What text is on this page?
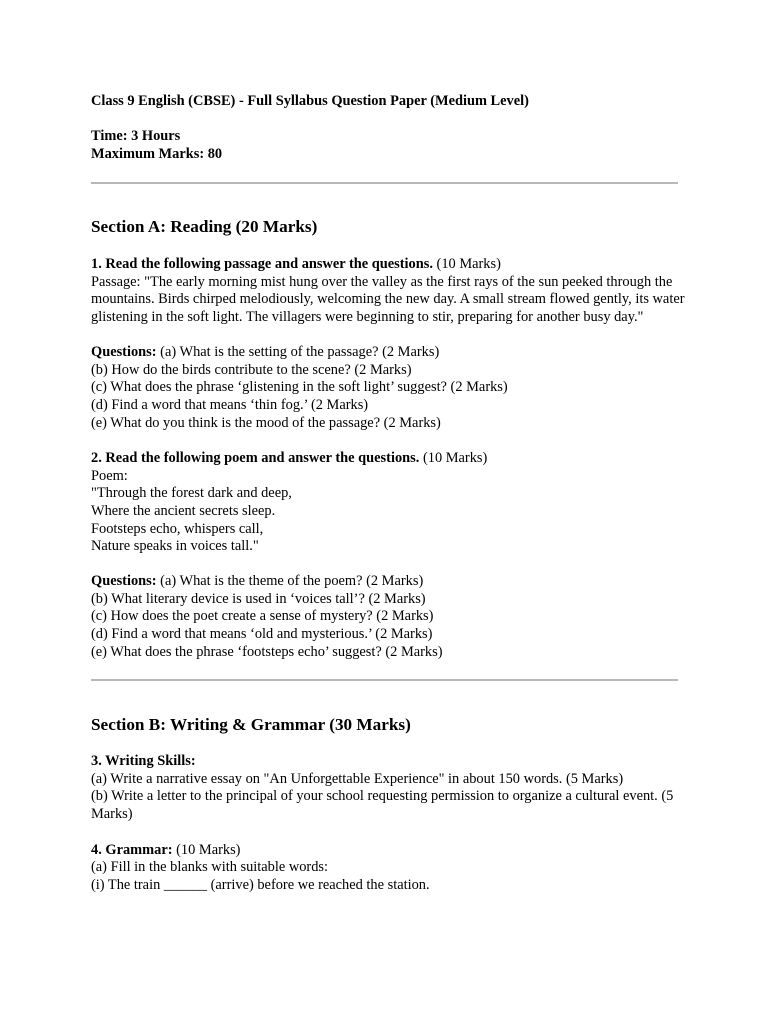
Class 9 English (CBSE) - Full Syllabus Question Paper (Medium Level)
Time: 3 Hours
Maximum Marks: 80
Section A: Reading (20 Marks)
1. Read the following passage and answer the questions. (10 Marks)
Passage: "The early morning mist hung over the valley as the first rays of the sun peeked through the mountains. Birds chirped melodiously, welcoming the new day. A small stream flowed gently, its water glistening in the soft light. The villagers were beginning to stir, preparing for another busy day."
Questions: (a) What is the setting of the passage? (2 Marks)
(b) How do the birds contribute to the scene? (2 Marks)
(c) What does the phrase ‘glistening in the soft light’ suggest? (2 Marks)
(d) Find a word that means ‘thin fog.’ (2 Marks)
(e) What do you think is the mood of the passage? (2 Marks)
2. Read the following poem and answer the questions. (10 Marks)
Poem:
"Through the forest dark and deep,
Where the ancient secrets sleep.
Footsteps echo, whispers call,
Nature speaks in voices tall."
Questions: (a) What is the theme of the poem? (2 Marks)
(b) What literary device is used in ‘voices tall’? (2 Marks)
(c) How does the poet create a sense of mystery? (2 Marks)
(d) Find a word that means ‘old and mysterious.’ (2 Marks)
(e) What does the phrase ‘footsteps echo’ suggest? (2 Marks)
Section B: Writing & Grammar (30 Marks)
3. Writing Skills:
(a) Write a narrative essay on "An Unforgettable Experience" in about 150 words. (5 Marks)
(b) Write a letter to the principal of your school requesting permission to organize a cultural event. (5 Marks)
4. Grammar: (10 Marks)
(a) Fill in the blanks with suitable words:
(i) The train ______ (arrive) before we reached the station.
